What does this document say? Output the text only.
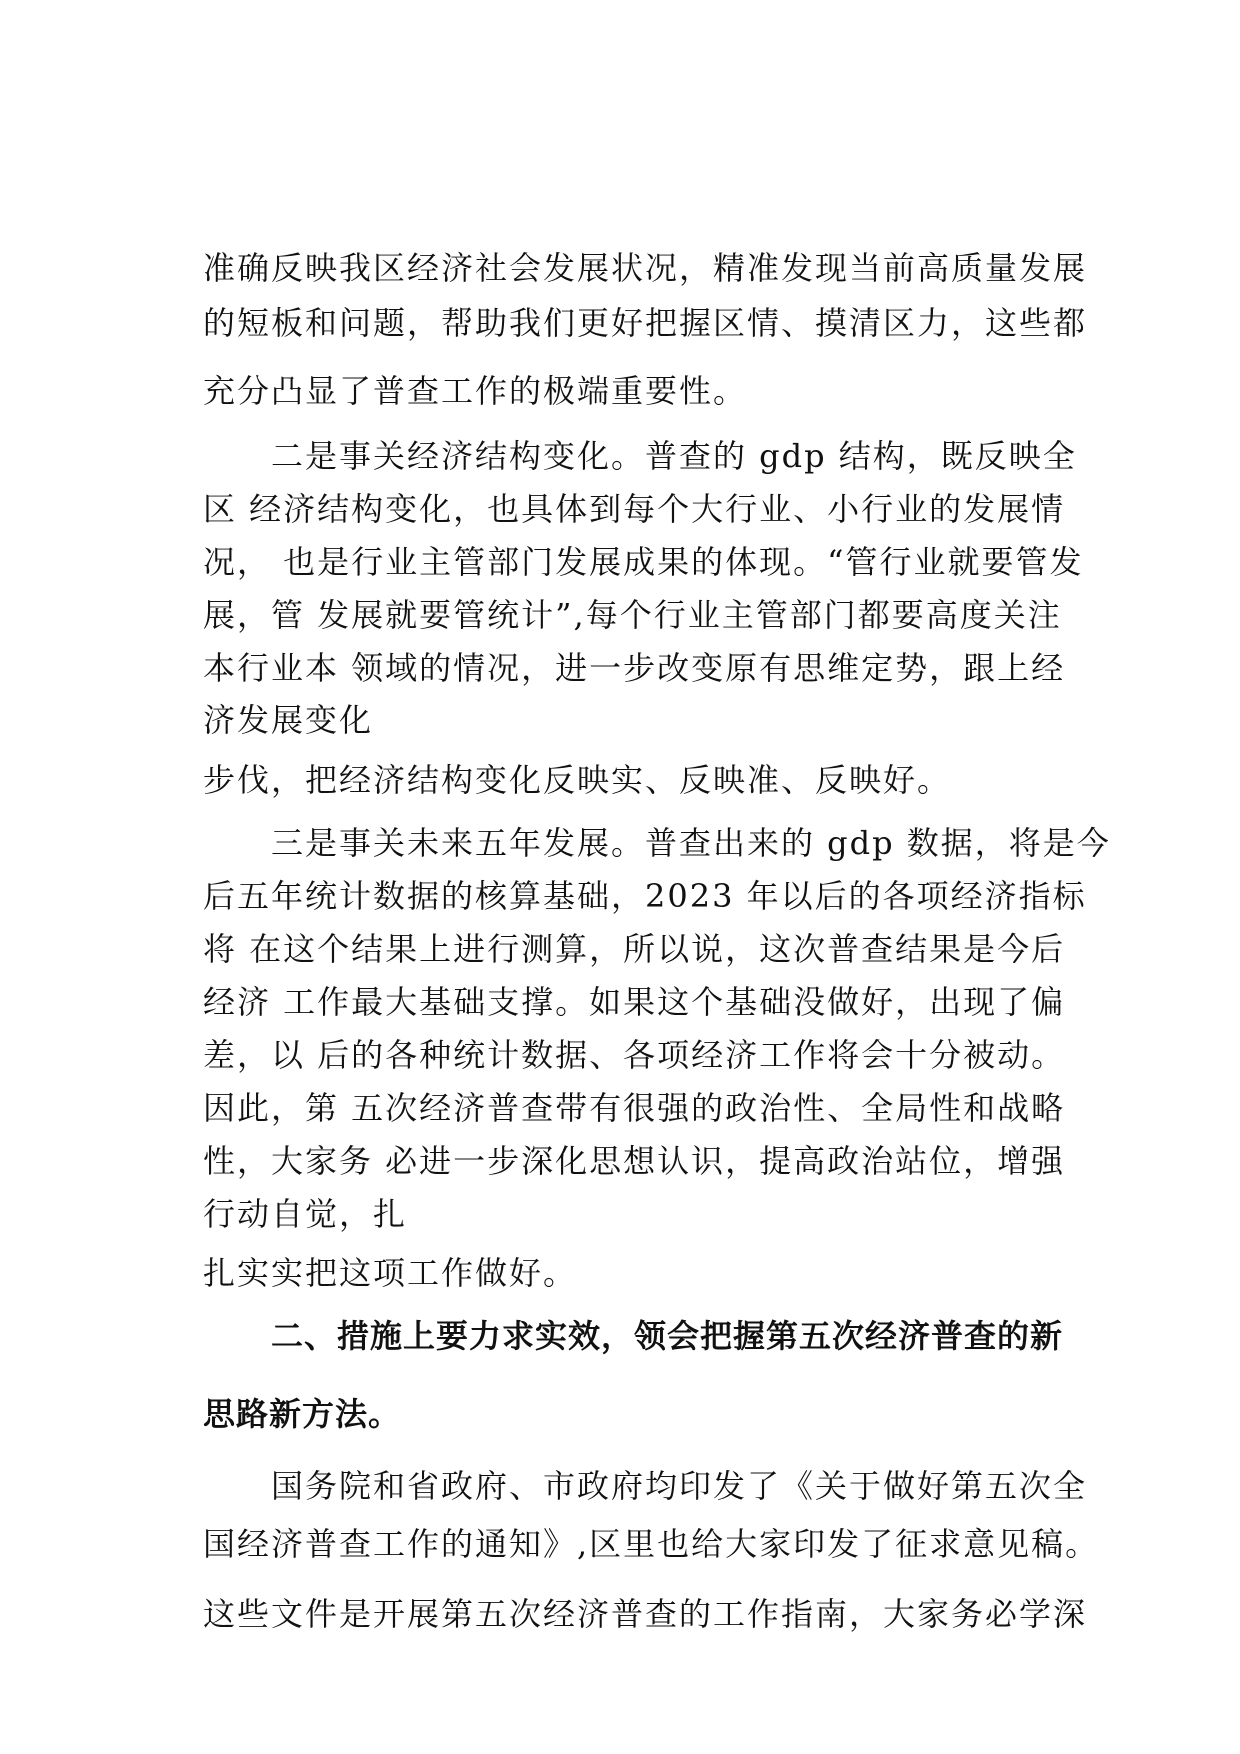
准确反映我区经济社会发展状况，精准发现当前高质量发展
的短板和问题，帮助我们更好把握区情、摸清区力，这些都
充分凸显了普查工作的极端重要性。
二是事关经济结构变化。普查的 gdp 结构，既反映全
区 经济结构变化，也具体到每个大行业、小行业的发展情
况， 也是行业主管部门发展成果的体现。“管行业就要管发
展，管 发展就要管统计”,每个行业主管部门都要高度关注
本行业本 领域的情况，进一步改变原有思维定势，跟上经
济发展变化
步伐，把经济结构变化反映实、反映准、反映好。
三是事关未来五年发展。普查出来的 gdp 数据，将是今
后五年统计数据的核算基础，2023 年以后的各项经济指标
将 在这个结果上进行测算，所以说，这次普查结果是今后
经济 工作最大基础支撑。如果这个基础没做好，出现了偏
差，以 后的各种统计数据、各项经济工作将会十分被动。
因此，第 五次经济普查带有很强的政治性、全局性和战略
性，大家务 必进一步深化思想认识，提高政治站位，增强
行动自觉，扎
扎实实把这项工作做好。
二、措施上要力求实效，领会把握第五次经济普查的新
思路新方法。
国务院和省政府、市政府均印发了《关于做好第五次全
国经济普查工作的通知》,区里也给大家印发了征求意见稿。
这些文件是开展第五次经济普查的工作指南，大家务必学深
